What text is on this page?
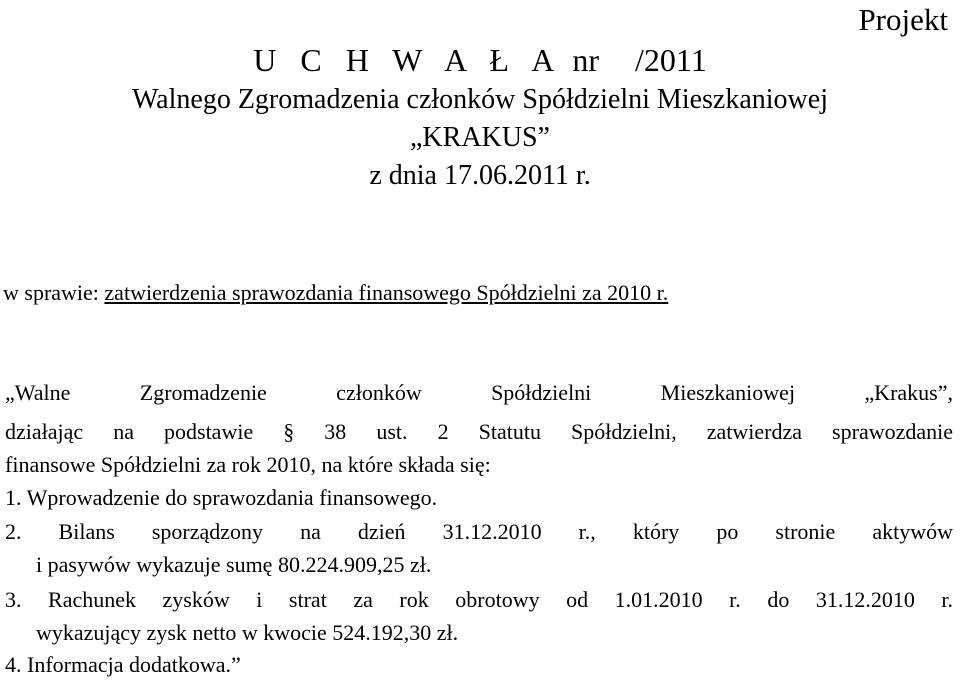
Projekt
U C H W A Ł A nr   /2011
Walnego Zgromadzenia członków Spółdzielni Mieszkaniowej
„KRAKUS”
z dnia 17.06.2011 r.
w sprawie: zatwierdzenia sprawozdania finansowego Spółdzielni za 2010 r.
„Walne Zgromadzenie członków Spółdzielni Mieszkaniowej „Krakus”,
działając na podstawie § 38 ust. 2 Statutu Spółdzielni, zatwierdza sprawozdanie
finansowe Spółdzielni za rok 2010, na które składa się:
1. Wprowadzenie do sprawozdania finansowego.
2. Bilans sporządzony na dzień 31.12.2010 r., który po stronie aktywów
i pasywów wykazuje sumę 80.224.909,25 zł.
3. Rachunek zysków i strat za rok obrotowy od 1.01.2010 r. do 31.12.2010 r.
wykazujący zysk netto w kwocie 524.192,30 zł.
4. Informacja dodatkowa.”
